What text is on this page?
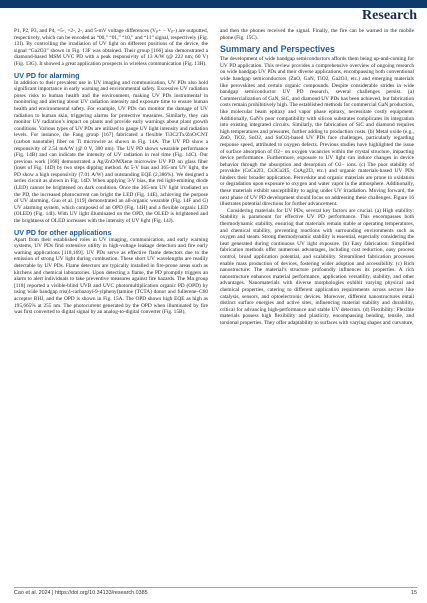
Research

P1, P2, P3, and P4, =5-, =2-, 2-, and 5-mV voltage differences (Vₚ+ − Vₚ-) are outputted, respectively, which can be encoded as “00,” “01,” “10,” and “11” signal, respectively (Fig. 13I). By controlling the irradiation of UV light on different positions of the device, the signal “Ga2O3” shown in Fig. 13F was obtained. Their group [166] also demonstrated a diamond-based MSM UVC PD with a peak responsivity of 13 A/W (@ 222 nm; 60 V) (Fig. 13G). It showed a great application prospects in wireless communication (Fig. 13H).

UV PD for alarming

In addition to their prevalent use in UV imaging and communication, UV PDs also hold significant importance in early warning and environmental safety. Excessive UV radiation poses risks to human health and the environment, making UV PDs instrumental in monitoring and alerting about UV radiation intensity and exposure time to ensure human health and environmental safety. For example, UV PDs can monitor the damage of UV radiation to human skin, triggering alarms for protective measures. Similarly, they can monitor UV radiation’s impact on plants and provide early warnings about plant growth conditions. Various types of UV PDs are utilized to gauge UV light intensity and radiation levels. For instance, the Fang group [167] fabricated a flexible Ti3C2Tx/ZnO/CNT (carbon nanotube) fiber on Ti microwire as shown in Fig. 14A. The UV PD show a responsivity of 2.54 mA/W (@ 0 V, 300 nm). The UV PD shows wearable performance (Fig. 14B) and can indicate the intensity of UV radiation in real time (Fig. 14C). Our previous work [168] demonstrated a Ag/ZnO/MXene microwire UV PD on glass fiber (inset of Fig. 14D) by two steps dipping method. At 5-V bias and 365-nm UV light, the PD show a high responsivity (7.01 A/W) and outstanding EQE (2,386%). We designed a series circuit as shown in Fig. 14D. When applying 3-V bias, the red light-emitting diode (LED) cannot be brightened on dark condition. Once the 365-nm UV light irradiated on the PD, the increased photocurrent can bright the LED (Fig. 14E), achieving the purpose of UV alarming. Guo et al. [119] demonstrated an all-organic wearable (Fig. 14F and G) UV alarming system, which composed of an OPD (Fig. 14H) and a flexible organic LED (OLED) (Fig. 14I). With UV light illuminated on the OPD, the OLED is brightened and the brightness of OLED increases with the intensity of UV light (Fig. 14J).

UV PD for other applications

Apart from their established roles in UV imaging, communication, and early warning systems, UV PDs find extensive utility in high-voltage leakage detection and fire early warning applications [118,169]. UV PDs serve as effective flame detectors due to the emission of strong UV light during combustion. These short UV wavelengths are readily detectable by UV PDs. Flame detectors are typically installed in fire-prone areas such as kitchens and chemical laboratories. Upon detecting a flame, the PD promptly triggers an alarm to alert individuals to take preventive measures against fire hazards. The Ma group [118] reported a visible-blind UVB and UVC photomultiplication organic PD (OPD) by using wide bandgap tris(4-carbazoyl-9-ylphenyl)amine (TCTA) donor and fullerene–C60 acceptor BHJ, and the OPD is shown in Fig. 15A. The OPD shows high EQE as high as 195,665% at 255 nm. The photocurrent generated by the OPD when illuminated by fire was first converted to digital signal by an analog-to-digital converter (Fig. 15B),

and then the phones received the signal. Finally, the fire can be warned in the mobile phone (Fig. 15C).

Summary and Perspectives

The development of wide bandgap semiconductors affords them being up-and-coming for UV PD application. This review provides a comprehensive overview of ongoing research on wide bandgap UV PDs and their diverse applications, encompassing both conventional wide bandgap semiconductors (ZnO, GaN, TiO2, Ga2O3, etc.) and emerging materials like perovskites and certain organic compounds. Despite considerable strides in wide bandgap semiconductor UV PD research, several challenges persist. (a) Commercialization of GaN, SiC, and diamond UV PDs has been achieved, but fabrication costs remain prohibitively high. The established methods for commercial GaN production, like molecular beam epitaxy and vapor phase epitaxy, necessitate costly equipment. Additionally, GaN’s poor compatibility with silicon substrates complicates its integration into existing integrated circuits. Similarly, the fabrication of SiC and diamond requires high temperatures and pressures, further adding to production costs. (b) Metal oxide (e.g., ZnO, TiO2, SnO2, and SnO2)-based UV PDs face challenges, particularly regarding response speed, attributed to oxygen defects. Previous studies have highlighted the issue of surface absorption of O2− on oxygen vacancies within the crystal structure, impacting device performance. Furthermore, exposure to UV light can induce changes in device behavior through the absorption and desorption of O2− ions. (c) The poor stability of provskite (CsCu2I3, Cs3Cu2I5, CsAg2I3, etc.) and organic materials-based UV PDs hinders their broader application. Perovskite and organic materials are prone to oxidation or degradation upon exposure to oxygen and water vapor in the atmosphere. Additionally, these materials exhibit susceptibility to aging under UV irradiation. Moving forward, the next phase of UV PD development should focus on addressing these challenges. Figure 16 illustrates potential directions for further advancement.

Considering materials for UV PDs, several key factors are crucial. (a) High stability: Stability is paramount for effective UV PD performance. This encompasses both thermodynamic stability, ensuring that materials remain stable at operating temperatures, and chemical stability, preventing reactions with surrounding environments such as oxygen and steam. Strong thermodynamic stability is essential, especially considering the heat generated during continuous UV light exposure. (b) Easy fabrication: Simplified fabrication methods offer numerous advantages, including cost reduction, easy process control, broad application potential, and scalability. Streamlined fabrication processes enable mass production of devices, fostering wider adoption and accessibility. (c) Rich nanostructure: The material’s structure profoundly influences its properties. A rich nanostructure enhances material performance, application versatility, stability, and other advantages. Nanomaterials with diverse morphologies exhibit varying physical and chemical properties, catering to different application requirements across sectors like catalysis, sensors, and optoelectronic devices. Moreover, different nanostructures entail distinct surface energies and active sites, influencing material stability and durability, critical for advancing high-performance and stable UV detectors. (d) Flexibility: Flexible materials possess high flexibility and plasticity, encompassing bending, tensile, and torsional properties. They offer adaptability to surfaces with varying shapes and curvature,

Cao et al. 2024 | https://doi.org/10.34133/research.0385	15
